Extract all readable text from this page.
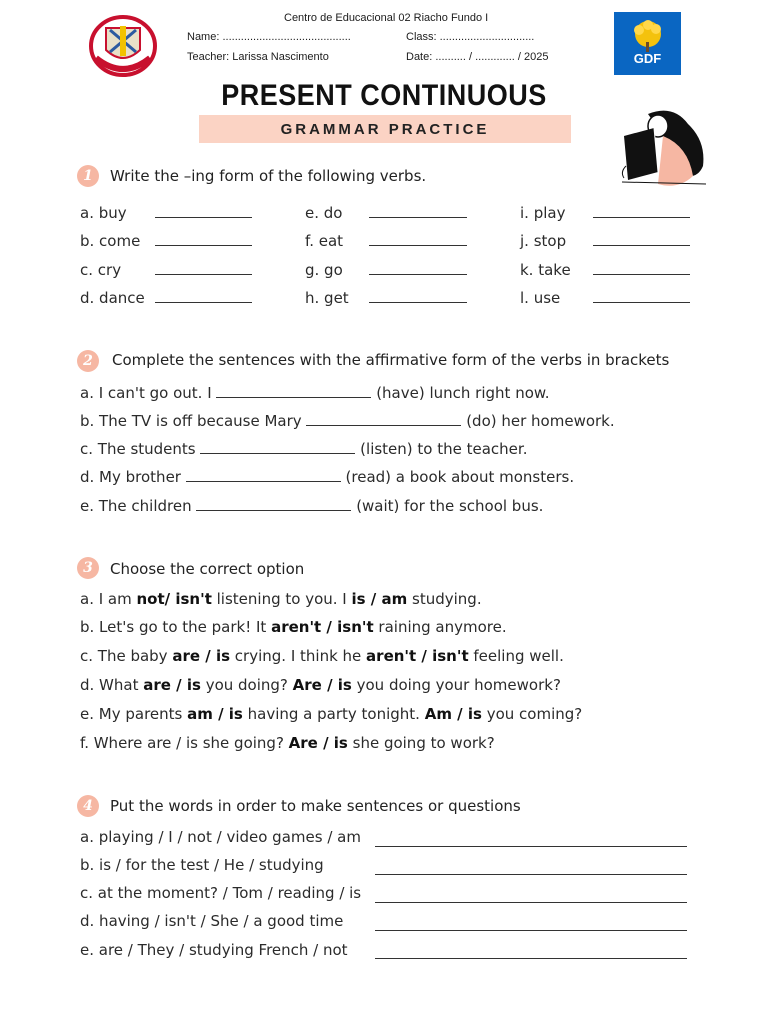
Centro de Educacional 02 Riacho Fundo I
Name: ..........................................	Class: ...............................
Teacher: Larissa Nascimento	Date: .......... / ............. / 2025	GDF
PRESENT CONTINUOUS
GRAMMAR PRACTICE
1	Write the –ing form of the following verbs.
a. buy
b. come
c. cry
d. dance
e. do
f. eat
g. go
h. get
i. play
j. stop
k. take
l. use
2	Complete the sentences with the affirmative form of the verbs in brackets
a. I can't go out. I	(have) lunch right now.
b. The TV is off because Mary	(do) her homework.
c. The students	(listen) to the teacher.
d. My brother	(read) a book about monsters.
e. The children	(wait) for the school bus.
3	Choose the correct option
a. I am not/ isn't listening to you. I is / am studying.
b. Let's go to the park! It aren't / isn't raining anymore.
c. The baby are / is crying. I think he aren't / isn't feeling well.
d. What are / is you doing? Are / is you doing your homework?
e. My parents am / is having a party tonight. Am / is you coming?
f. Where are / is she going? Are / is she going to work?
4	Put the words in order to make sentences or questions
a. playing / I / not / video games / am
b. is / for the test / He / studying
c. at the moment? / Tom / reading / is
d. having / isn't / She / a good time
e. are / They / studying French / not
